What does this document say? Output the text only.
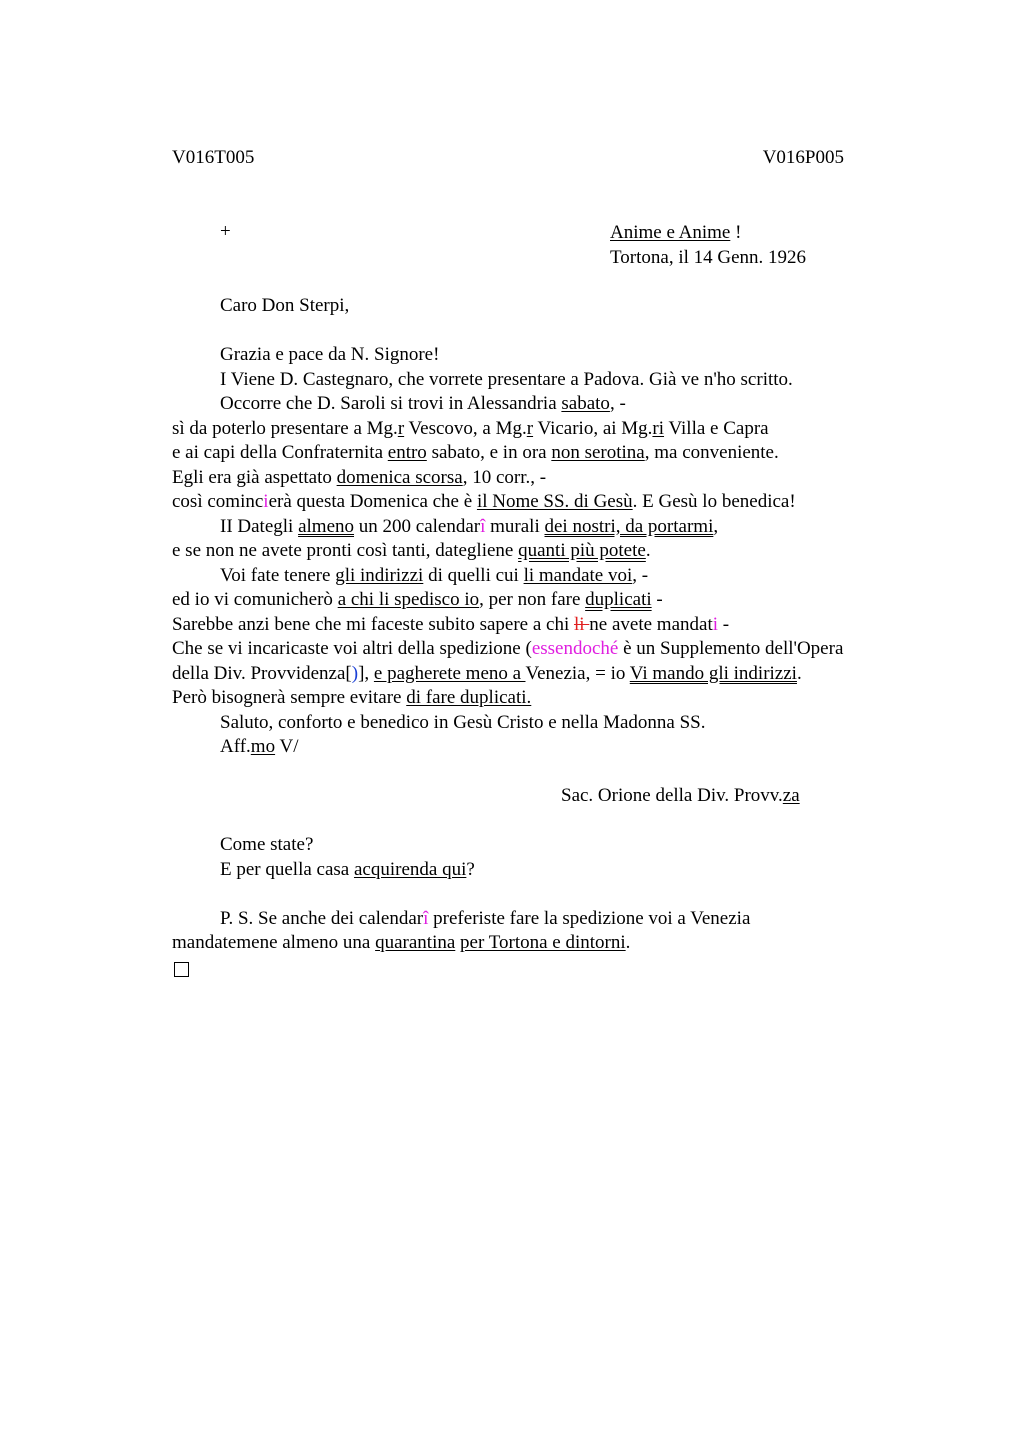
V016T005	V016P005
+	Anime e Anime !
Tortona, il 14 Genn. 1926
Caro Don Sterpi,
Grazia e pace da N. Signore!
I Viene D. Castegnaro, che vorrete presentare a Padova. Già ve n'ho scritto.
Occorre che D. Saroli si trovi in Alessandria sabato, -
sì da poterlo presentare a Mg.r Vescovo, a Mg.r Vicario, ai Mg.ri Villa e Capra
e ai capi della Confraternita entro sabato, e in ora non serotina, ma conveniente.
Egli era già aspettato domenica scorsa, 10 corr., -
così comincierà questa Domenica che è il Nome SS. di Gesù. E Gesù lo benedica!
II Dategli almeno un 200 calendarî murali dei nostri, da portarmi,
e se non ne avete pronti così tanti, dategliene quanti più potete.
Voi fate tenere gli indirizzi di quelli cui li mandate voi, -
ed io vi comunicherò a chi li spedisco io, per non fare duplicati -
Sarebbe anzi bene che mi faceste subito sapere a chi li ne avete mandati -
Che se vi incaricaste voi altri della spedizione (essendoché è un Supplemento dell'Opera
della Div. Provvidenza[)], e pagherete meno a Venezia, = io Vi mando gli indirizzi.
Però bisognerà sempre evitare di fare duplicati.
Saluto, conforto e benedico in Gesù Cristo e nella Madonna SS.
Aff.mo V/
Sac. Orione della Div. Provv.za
Come state?
E per quella casa acquirenda qui?
P. S. Se anche dei calendarî preferiste fare la spedizione voi a Venezia
mandatemene almeno una quarantina per Tortona e dintorni.
